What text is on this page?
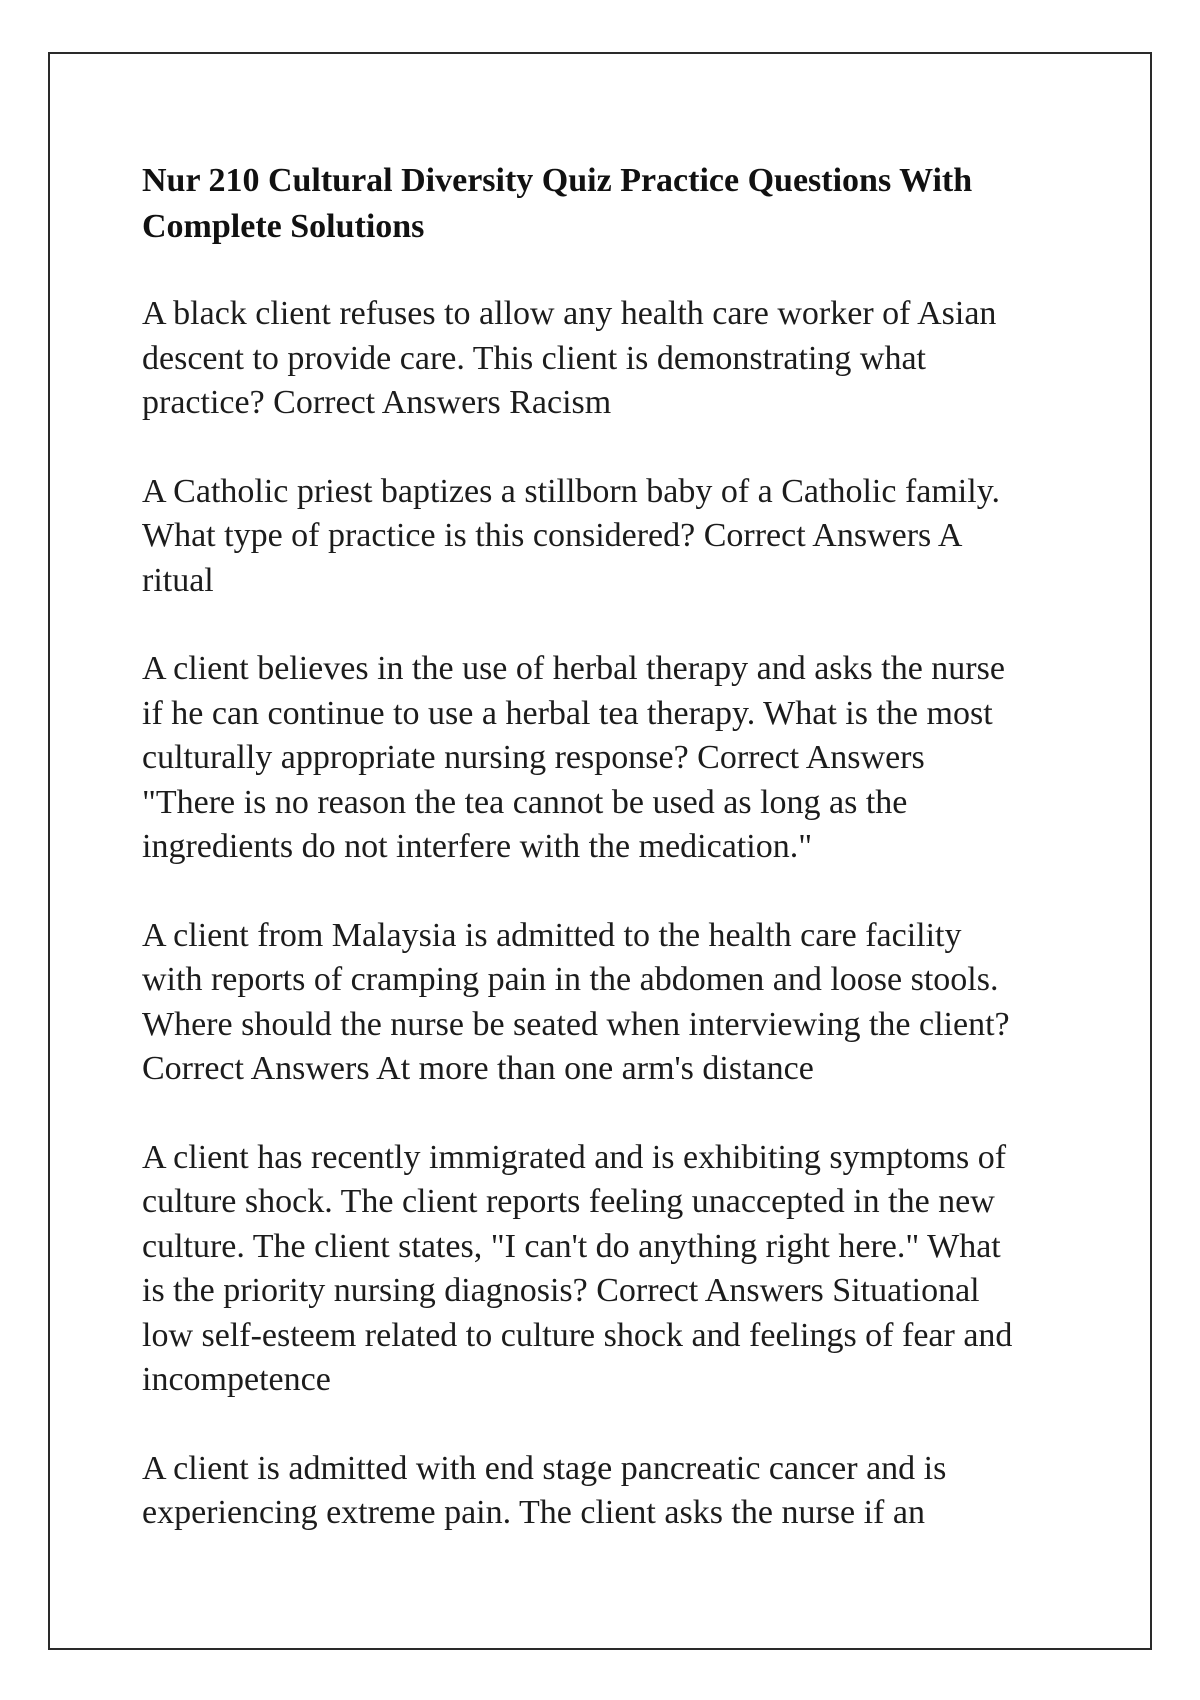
Nur 210 Cultural Diversity Quiz Practice Questions With
Complete Solutions

A black client refuses to allow any health care worker of Asian
descent to provide care. This client is demonstrating what
practice? Correct Answers Racism

A Catholic priest baptizes a stillborn baby of a Catholic family.
What type of practice is this considered? Correct Answers A
ritual

A client believes in the use of herbal therapy and asks the nurse
if he can continue to use a herbal tea therapy. What is the most
culturally appropriate nursing response? Correct Answers
"There is no reason the tea cannot be used as long as the
ingredients do not interfere with the medication."

A client from Malaysia is admitted to the health care facility
with reports of cramping pain in the abdomen and loose stools.
Where should the nurse be seated when interviewing the client?
Correct Answers At more than one arm's distance

A client has recently immigrated and is exhibiting symptoms of
culture shock. The client reports feeling unaccepted in the new
culture. The client states, "I can't do anything right here." What
is the priority nursing diagnosis? Correct Answers Situational
low self-esteem related to culture shock and feelings of fear and
incompetence

A client is admitted with end stage pancreatic cancer and is
experiencing extreme pain. The client asks the nurse if an
